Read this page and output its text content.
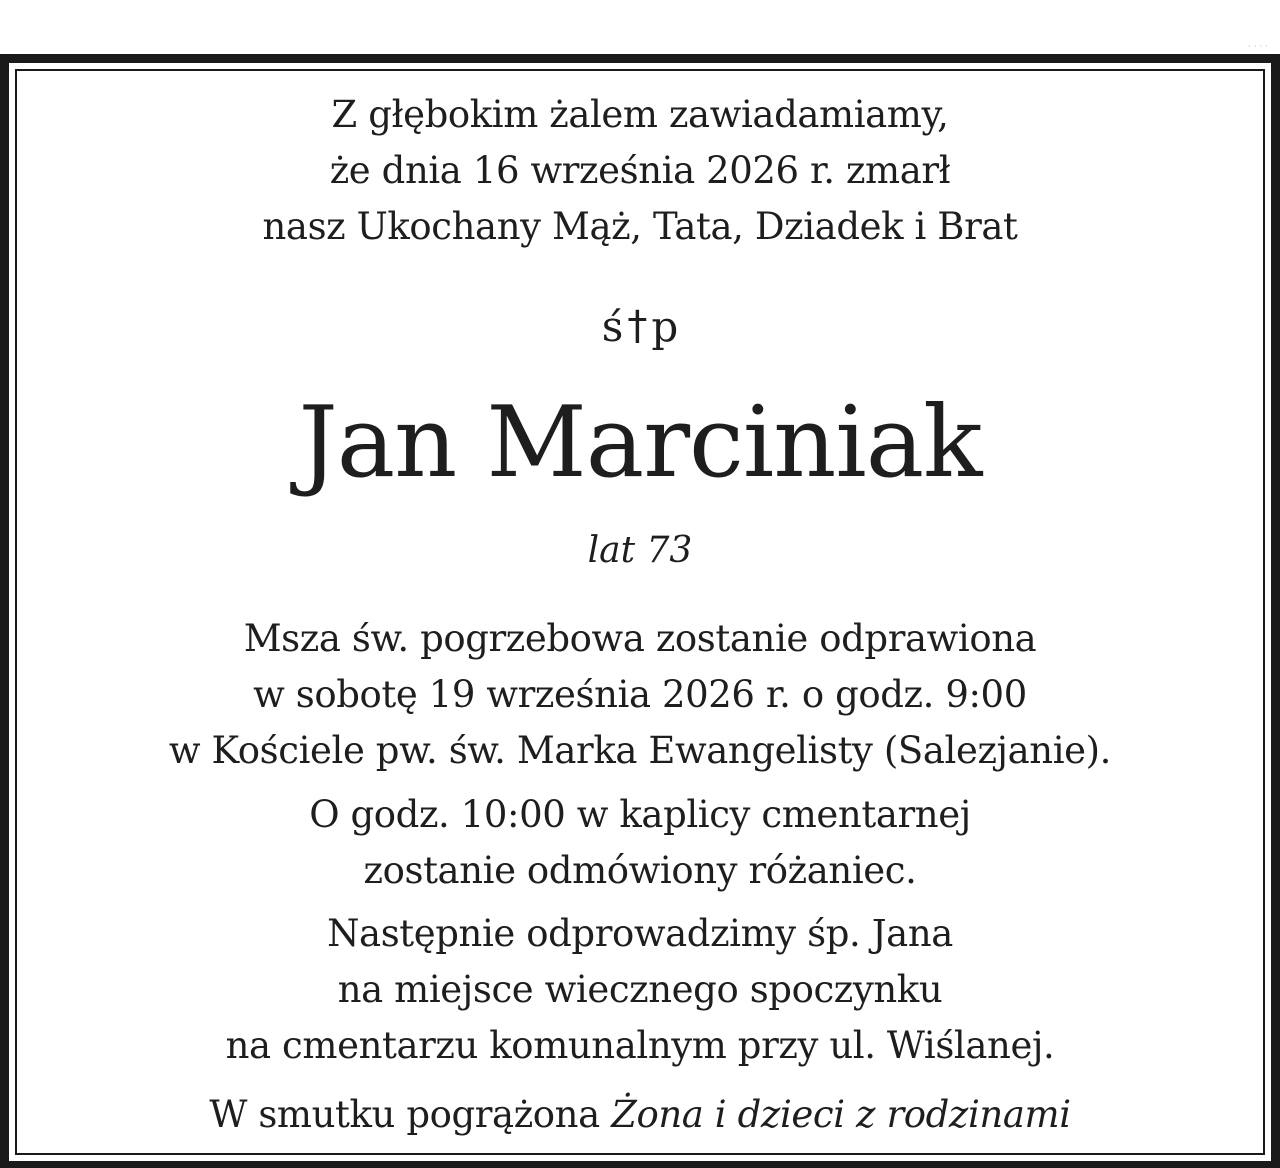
· · · ·
Z głębokim żalem zawiadamiamy,
że dnia 16 września 2026 r. zmarł
nasz Ukochany Mąż, Tata, Dziadek i Brat
ś †p
Jan Marciniak
lat 73
Msza św. pogrzebowa zostanie odprawiona
w sobotę 19 września 2026 r. o godz. 9:00
w Kościele pw. św. Marka Ewangelisty (Salezjanie).
O godz. 10:00 w kaplicy cmentarnej
zostanie odmówiony różaniec.
Następnie odprowadzimy śp. Jana
na miejsce wiecznego spoczynku
na cmentarzu komunalnym przy ul. Wiślanej.
W smutku pogrążona Żona i dzieci z rodzinami
